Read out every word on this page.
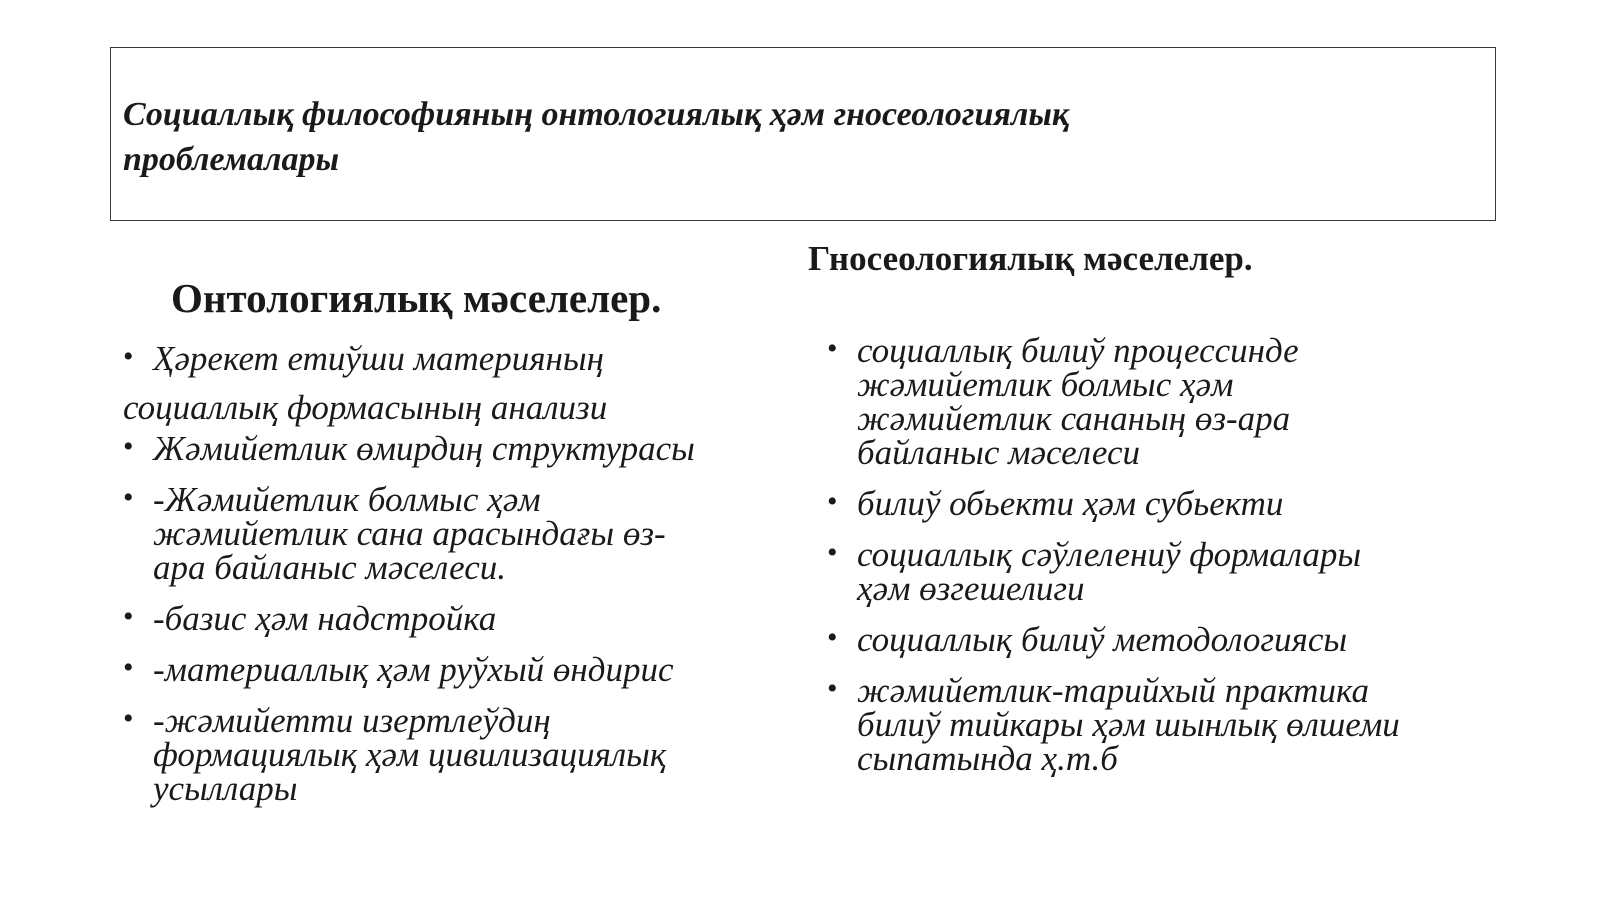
Социаллық философияның онтологиялық ҳәм гносеологиялық
проблемалары

Онтологиялық мәселелер.
Гносеологиялық мәселелер.
• Ҳәрекет етиўши материяның
социаллық формасының анализи
• Жәмийетлик өмирдиң структурасы
• -Жәмийетлик болмыс ҳәм
жәмийетлик сана арасындағы өз-
ара байланыс мәселеси.
• -базис ҳәм надстройка
• -материаллық ҳәм руўхый өндирис
• -жәмийетти изертлеўдиң
формациялық ҳәм цивилизациялық
усыллары
• социаллық билиў процессинде
жәмийетлик болмыс ҳәм
жәмийетлик сананың өз-ара
байланыс мәселеси
• билиў обьекти ҳәм субьекти
• социаллық сәўлелениў формалары
ҳәм өзгешелиги
• социаллық билиў методологиясы
• жәмийетлик-тарийхый практика
билиў тийкары ҳәм шынлық өлшеми
сыпатында ҳ.т.б
